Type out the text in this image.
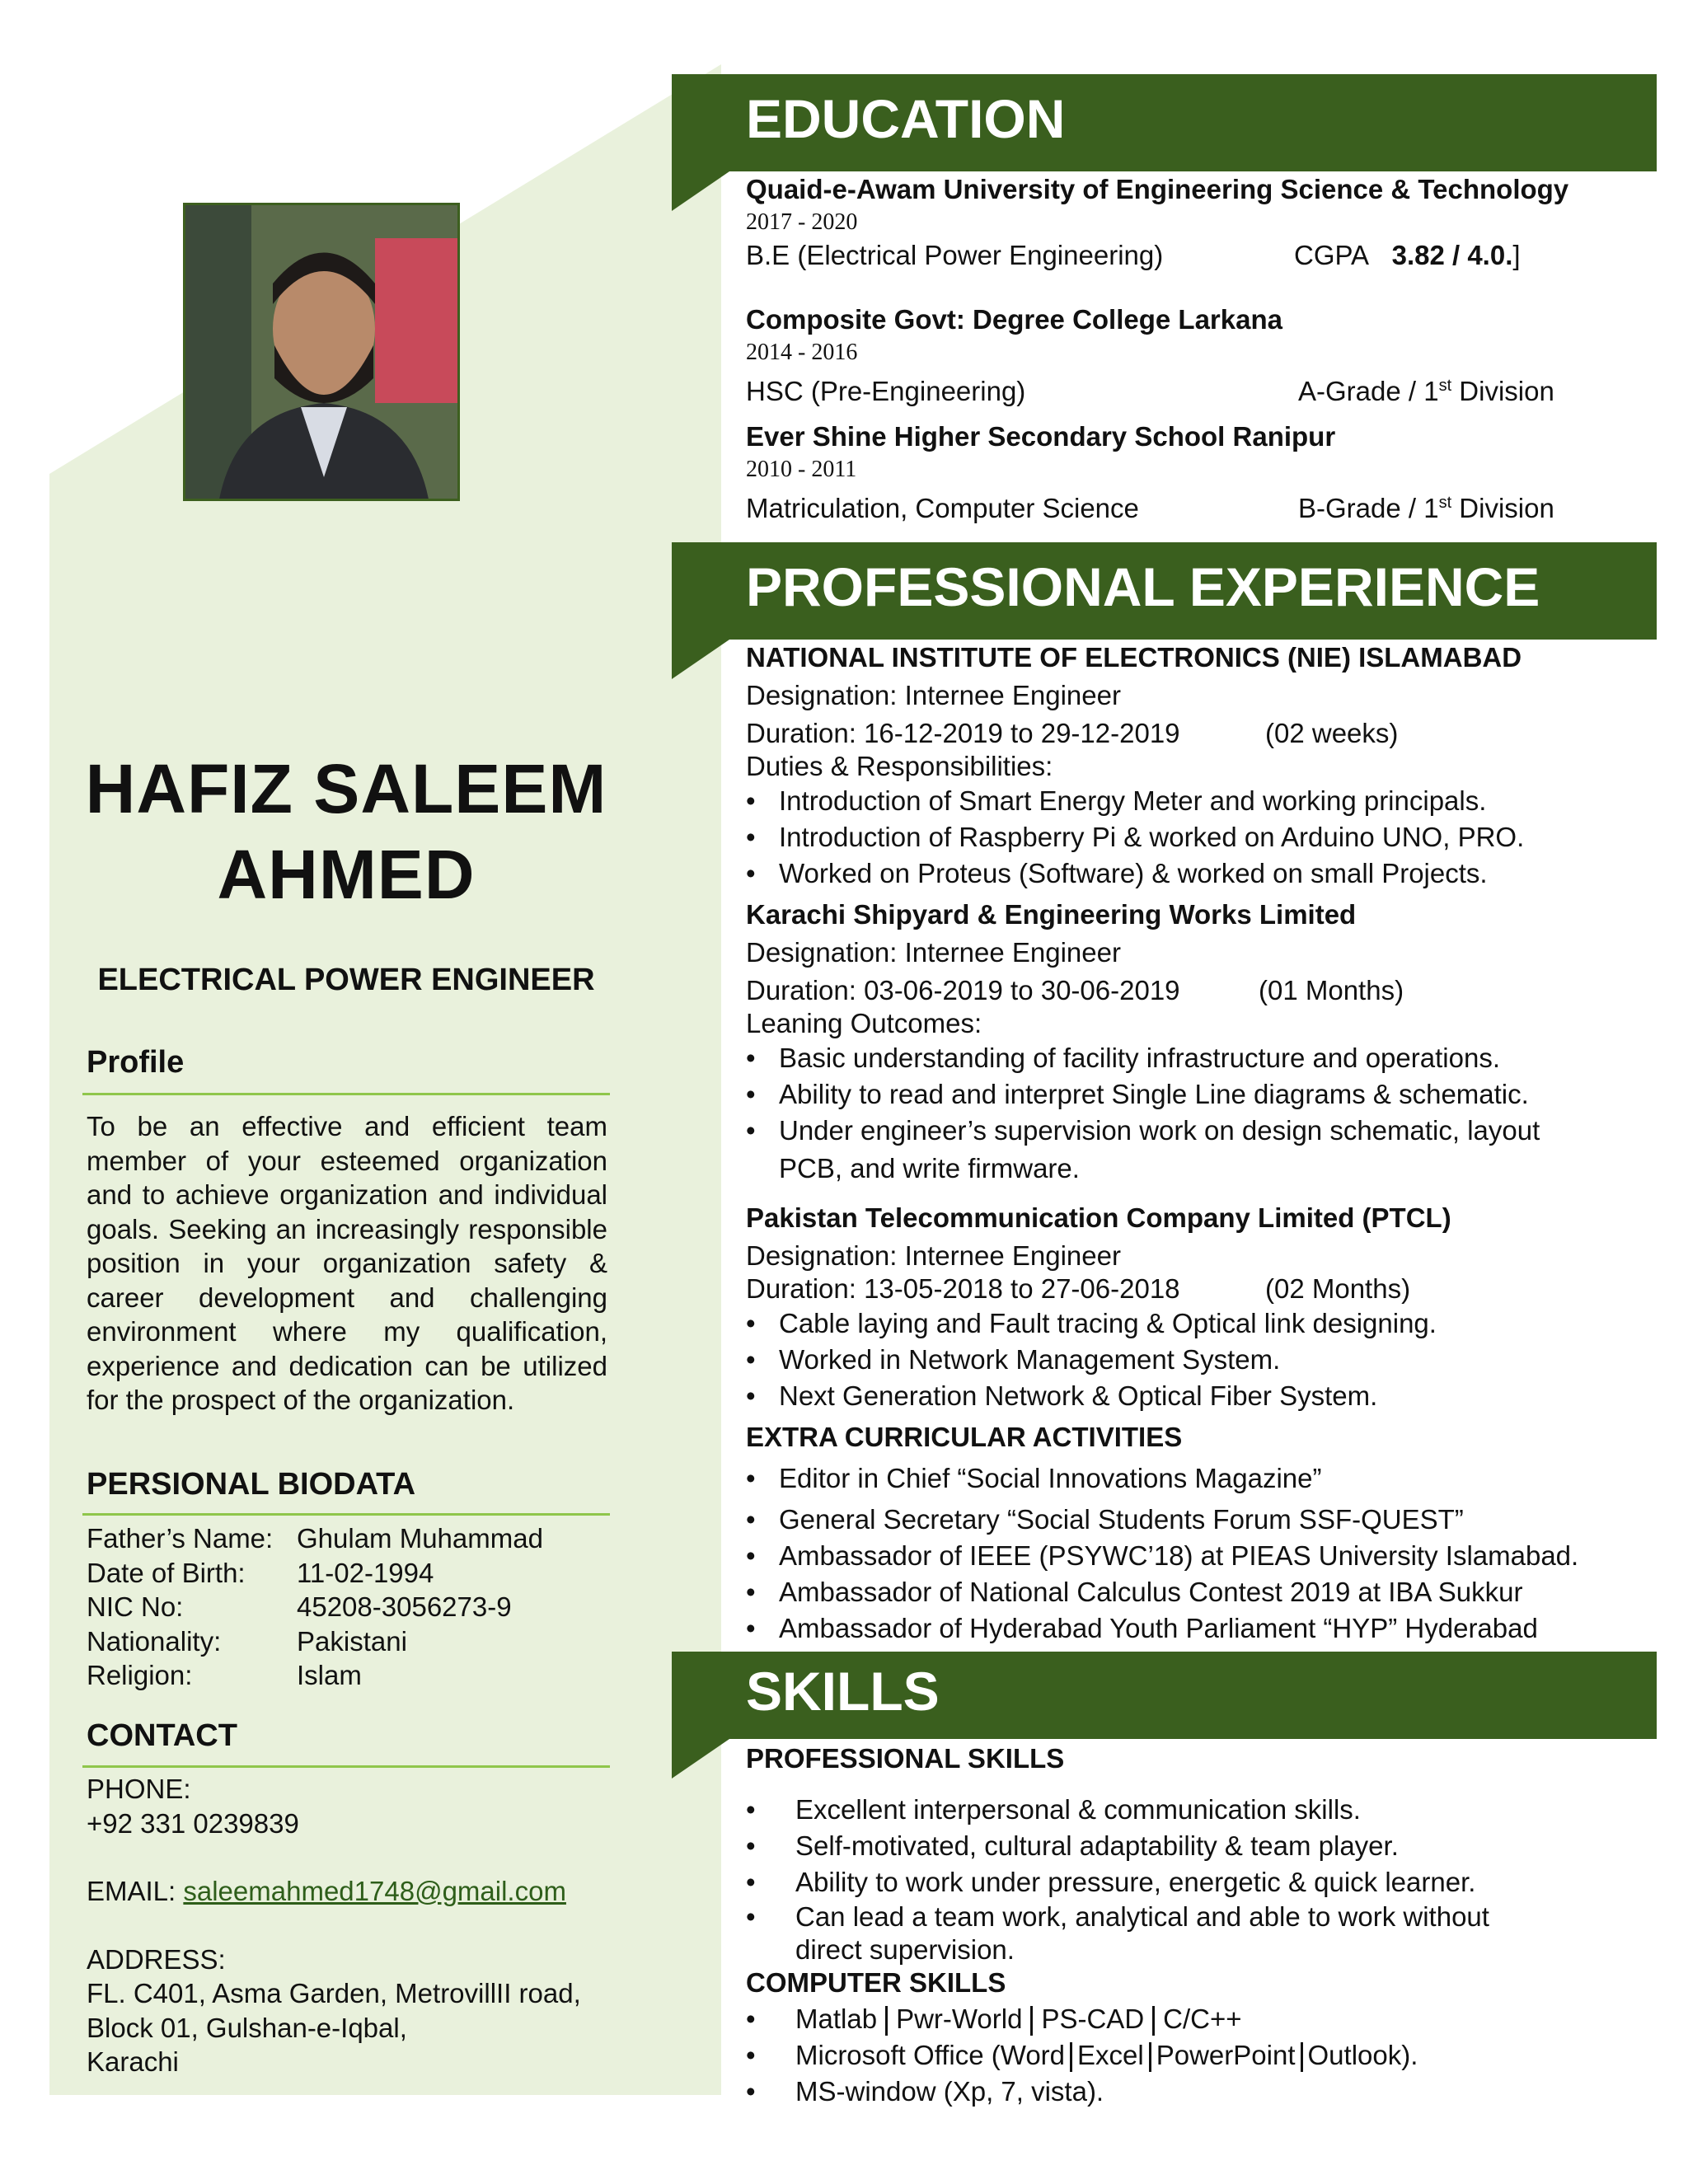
HAFIZ SALEEM
AHMED
ELECTRICAL POWER ENGINEER
Profile
To be an effective and efficient team member of your esteemed organization and to achieve organization and individual goals. Seeking an increasingly responsible position in your organization safety & career development and challenging environment where my qualification, experience and dedication can be utilized for the prospect of the organization.
PERSIONAL BIODATA
Father’s Name: Ghulam Muhammad
Date of Birth: 11-02-1994
NIC No:	45208-3056273-9
Nationality:	Pakistani
Religion:	Islam
CONTACT
PHONE:
+92 331 0239839
EMAIL: saleemahmed1748@gmail.com
ADDRESS:
FL. C401, Asma Garden, MetrovillII road,
Block 01, Gulshan-e-Iqbal,
Karachi
EDUCATION
Quaid-e-Awam University of Engineering Science & Technology
2017 - 2020
B.E (Electrical Power Engineering)	CGPA 3.82 / 4.0.]
Composite Govt: Degree College Larkana
2014 - 2016
HSC (Pre-Engineering)	A-Grade / 1st Division
Ever Shine Higher Secondary School Ranipur
2010 - 2011
Matriculation, Computer Science	B-Grade / 1st Division
PROFESSIONAL EXPERIENCE
NATIONAL INSTITUTE OF ELECTRONICS (NIE) ISLAMABAD
Designation: Internee Engineer
Duration: 16-12-2019 to 29-12-2019	(02 weeks)
Duties & Responsibilities:
• Introduction of Smart Energy Meter and working principals.
• Introduction of Raspberry Pi & worked on Arduino UNO, PRO.
• Worked on Proteus (Software) & worked on small Projects.
Karachi Shipyard & Engineering Works Limited
Designation: Internee Engineer
Duration: 03-06-2019 to 30-06-2019	(01 Months)
Leaning Outcomes:
• Basic understanding of facility infrastructure and operations.
• Ability to read and interpret Single Line diagrams & schematic.
• Under engineer’s supervision work on design schematic, layout
PCB, and write firmware.
Pakistan Telecommunication Company Limited (PTCL)
Designation: Internee Engineer
Duration: 13-05-2018 to 27-06-2018	(02 Months)
• Cable laying and Fault tracing & Optical link designing.
• Worked in Network Management System.
• Next Generation Network & Optical Fiber System.
EXTRA CURRICULAR ACTIVITIES
• Editor in Chief “Social Innovations Magazine”
• General Secretary “Social Students Forum SSF-QUEST”
• Ambassador of IEEE (PSYWC’18) at PIEAS University Islamabad.
• Ambassador of National Calculus Contest 2019 at IBA Sukkur
• Ambassador of Hyderabad Youth Parliament “HYP” Hyderabad
SKILLS
PROFESSIONAL SKILLS
• Excellent interpersonal & communication skills.
• Self-motivated, cultural adaptability & team player.
• Ability to work under pressure, energetic & quick learner.
• Can lead a team work, analytical and able to work without
direct supervision.
COMPUTER SKILLS
• Matlab Pwr-World PS-CAD C/C++
• Microsoft Office (Word Excel PowerPoint Outlook).
• MS-window (Xp, 7, vista).
